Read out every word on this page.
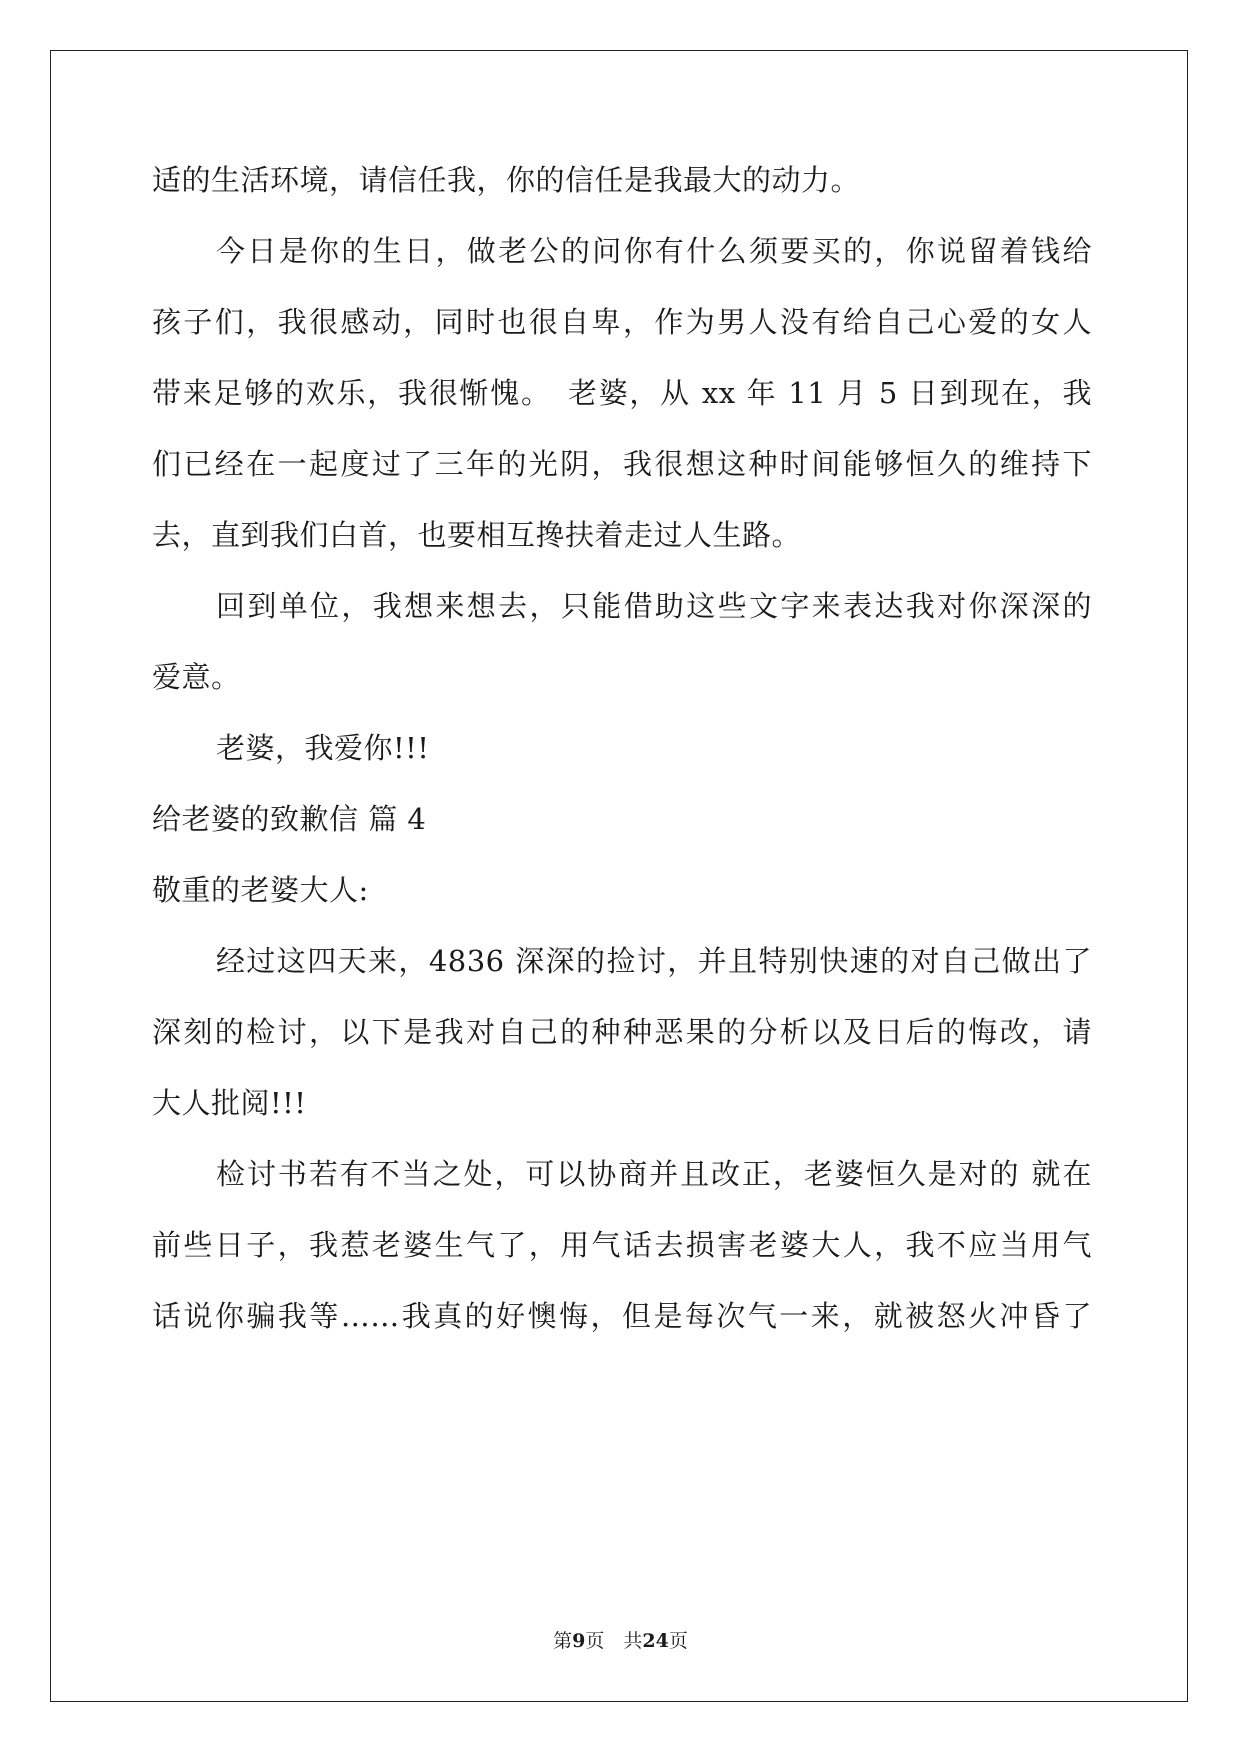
适的生活环境，请信任我，你的信任是我最大的动力。
今日是你的生日，做老公的问你有什么须要买的，你说留着钱给
孩子们，我很感动，同时也很自卑，作为男人没有给自己心爱的女人
带来足够的欢乐，我很惭愧。　老婆，从 xx 年 11 月 5 日到现在，我
们已经在一起度过了三年的光阴，我很想这种时间能够恒久的维持下
去，直到我们白首，也要相互搀扶着走过人生路。
回到单位，我想来想去，只能借助这些文字来表达我对你深深的
爱意。
老婆，我爱你!!!
给老婆的致歉信 篇 4
敬重的老婆大人:
经过这四天来，4836 深深的捡讨，并且特别快速的对自己做出了
深刻的检讨，以下是我对自己的种种恶果的分析以及日后的悔改，请
大人批阅!!!
检讨书若有不当之处，可以协商并且改正，老婆恒久是对的 就在
前些日子，我惹老婆生气了，用气话去损害老婆大人，我不应当用气
话说你骗我等……我真的好懊悔，但是每次气一来，就被怒火冲昏了
第9页　共24页
